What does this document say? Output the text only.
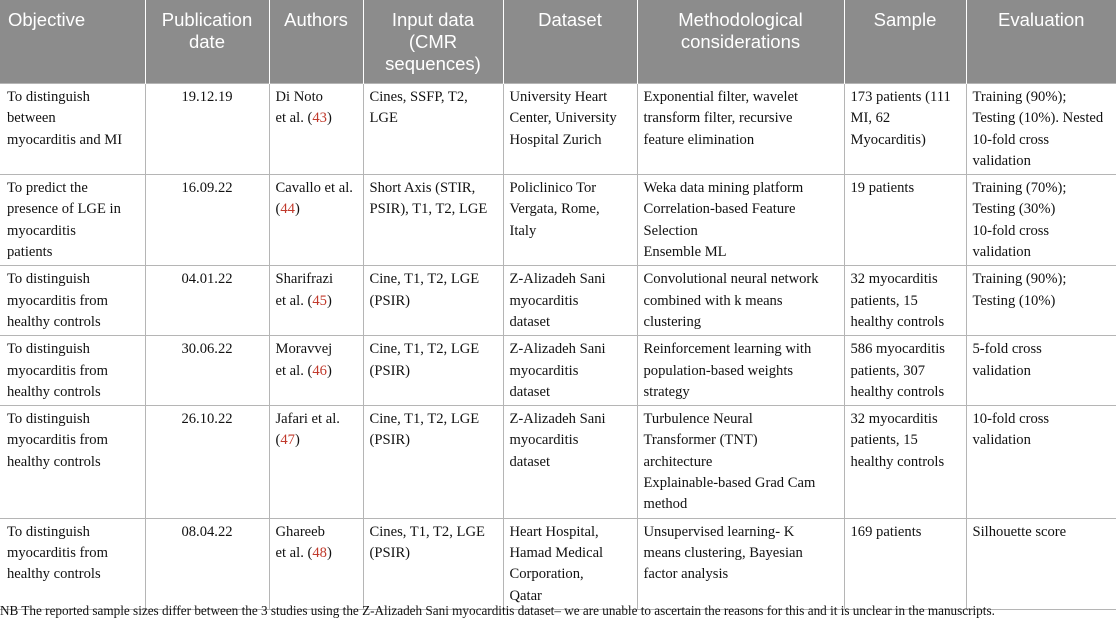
Objective	Publication
date	Authors	Input data
(CMR
sequences)	Dataset	Methodological
considerations	Sample	Evaluation

To distinguish
between
myocarditis and MI	19.12.19	Di Noto
et al. (43)	Cines, SSFP, T2,
LGE	University Heart
Center, University
Hospital Zurich	Exponential filter, wavelet
transform filter, recursive
feature elimination	173 patients (111
MI, 62
Myocarditis)	Training (90%);
Testing (10%). Nested
10-fold cross
validation

To predict the
presence of LGE in
myocarditis
patients	16.09.22	Cavallo et al.
(44)	Short Axis (STIR,
PSIR), T1, T2, LGE	Policlinico Tor
Vergata, Rome,
Italy	Weka data mining platform
Correlation-based Feature
Selection
Ensemble ML	19 patients	Training (70%);
Testing (30%)
10-fold cross
validation

To distinguish
myocarditis from
healthy controls	04.01.22	Sharifrazi
et al. (45)	Cine, T1, T2, LGE
(PSIR)	Z-Alizadeh Sani
myocarditis
dataset	Convolutional neural network
combined with k means
clustering	32 myocarditis
patients, 15
healthy controls	Training (90%);
Testing (10%)

To distinguish
myocarditis from
healthy controls	30.06.22	Moravvej
et al. (46)	Cine, T1, T2, LGE
(PSIR)	Z-Alizadeh Sani
myocarditis
dataset	Reinforcement learning with
population-based weights
strategy	586 myocarditis
patients, 307
healthy controls	5-fold cross
validation

To distinguish
myocarditis from
healthy controls	26.10.22	Jafari et al.
(47)	Cine, T1, T2, LGE
(PSIR)	Z-Alizadeh Sani
myocarditis
dataset	Turbulence Neural
Transformer (TNT)
architecture
Explainable-based Grad Cam
method	32 myocarditis
patients, 15
healthy controls	10-fold cross
validation

To distinguish
myocarditis from
healthy controls	08.04.22	Ghareeb
et al. (48)	Cines, T1, T2, LGE
(PSIR)	Heart Hospital,
Hamad Medical
Corporation,
Qatar	Unsupervised learning- K
means clustering, Bayesian
factor analysis	169 patients	Silhouette score
NB The reported sample sizes differ between the 3 studies using the Z-Alizadeh Sani myocarditis dataset– we are unable to ascertain the reasons for this and it is unclear in the manuscripts.
